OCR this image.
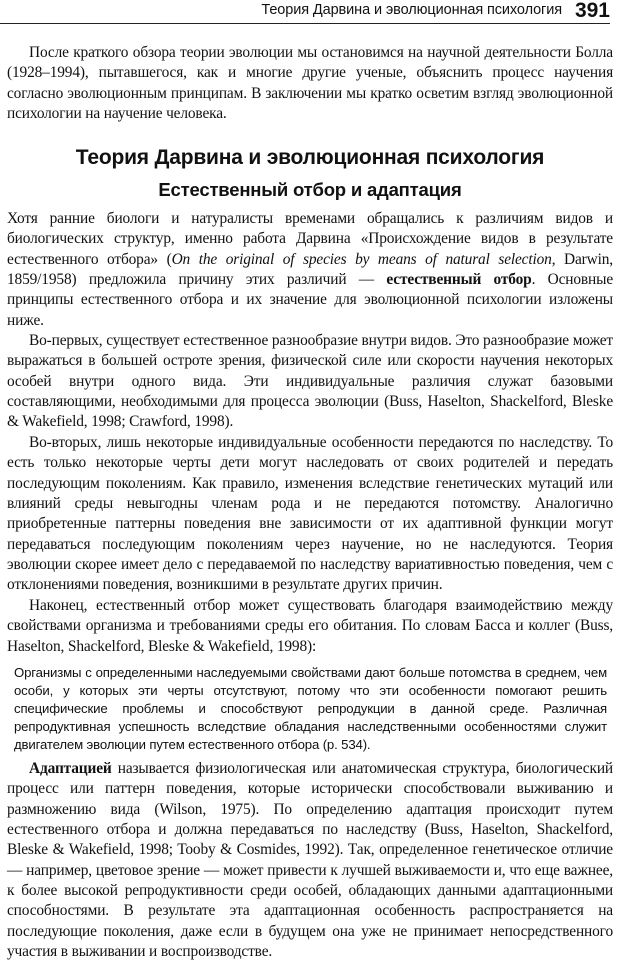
Теория Дарвина и эволюционная психология 391

После краткого обзора теории эволюции мы остановимся на научной деятельности Болла (1928–1994), пытавшегося, как и многие другие ученые, объяснить процесс научения согласно эволюционным принципам. В заключении мы кратко осветим взгляд эволюционной психологии на научение человека.

Теория Дарвина и эволюционная психология
Естественный отбор и адаптация

Хотя ранние биологи и натуралисты временами обращались к различиям видов и биологических структур, именно работа Дарвина «Происхождение видов в результате естественного отбора» (On the original of species by means of natural selection, Darwin, 1859/1958) предложила причину этих различий — естественный отбор. Основные принципы естественного отбора и их значение для эволюционной психологии изложены ниже.

Во-первых, существует естественное разнообразие внутри видов. Это разнообразие может выражаться в большей остроте зрения, физической силе или скорости научения некоторых особей внутри одного вида. Эти индивидуальные различия служат базовыми составляющими, необходимыми для процесса эволюции (Buss, Haselton, Shackelford, Bleske & Wakefield, 1998; Crawford, 1998).

Во-вторых, лишь некоторые индивидуальные особенности передаются по наследству. То есть только некоторые черты дети могут наследовать от своих родителей и передать последующим поколениям. Как правило, изменения вследствие генетических мутаций или влияний среды невыгодны членам рода и не передаются потомству. Аналогично приобретенные паттерны поведения вне зависимости от их адаптивной функции могут передаваться последующим поколениям через научение, но не наследуются. Теория эволюции скорее имеет дело с передаваемой по наследству вариативностью поведения, чем с отклонениями поведения, возникшими в результате других причин.

Наконец, естественный отбор может существовать благодаря взаимодействию между свойствами организма и требованиями среды его обитания. По словам Басса и коллег (Buss, Haselton, Shackelford, Bleske & Wakefield, 1998):

Организмы с определенными наследуемыми свойствами дают больше потомства в среднем, чем особи, у которых эти черты отсутствуют, потому что эти особенности помогают решить специфические проблемы и способствуют репродукции в данной среде. Различная репродуктивная успешность вследствие обладания наследственными особенностями служит двигателем эволюции путем естественного отбора (p. 534).

Адаптацией называется физиологическая или анатомическая структура, биологический процесс или паттерн поведения, которые исторически способствовали выживанию и размножению вида (Wilson, 1975). По определению адаптация происходит путем естественного отбора и должна передаваться по наследству (Buss, Haselton, Shackelford, Bleske & Wakefield, 1998; Tooby & Cosmides, 1992). Так, определенное генетическое отличие — например, цветовое зрение — может привести к лучшей выживаемости и, что еще важнее, к более высокой репродуктивности среди особей, обладающих данными адаптационными способностями. В результате эта адаптационная особенность распространяется на последующие поколения, даже если в будущем она уже не принимает непосредственного участия в выживании и воспроизводстве.
